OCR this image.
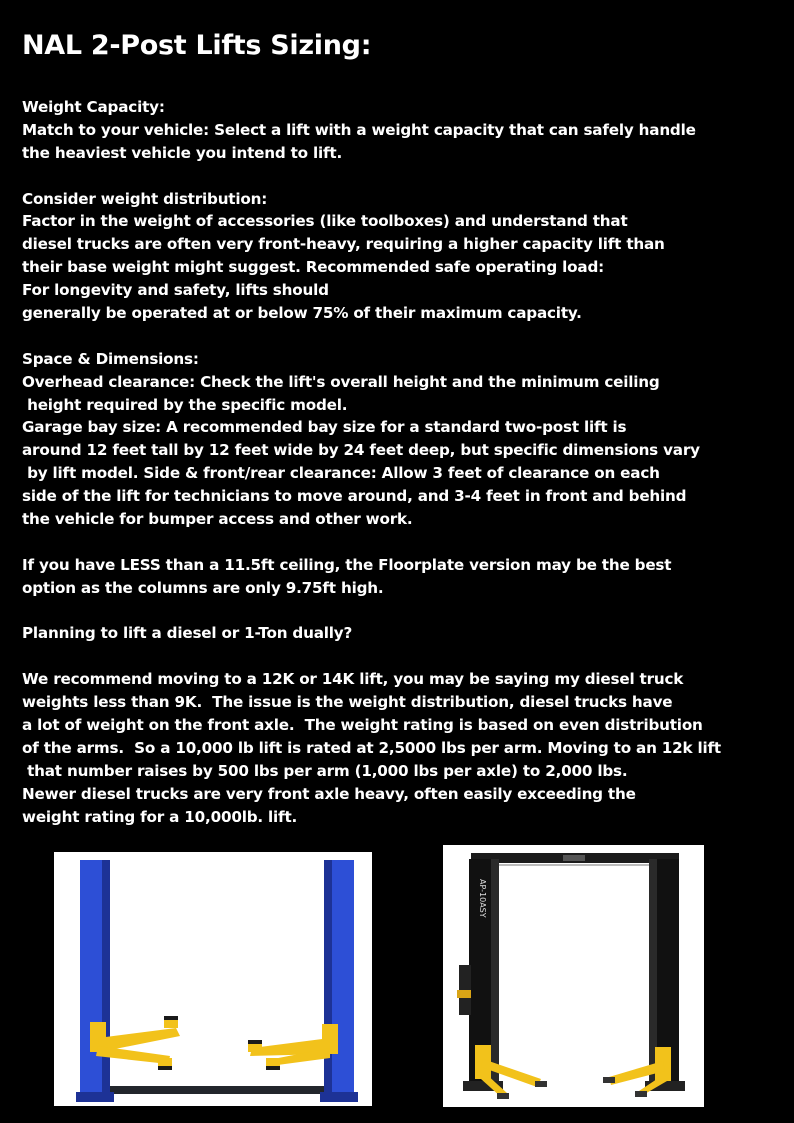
NAL 2-Post Lifts Sizing:
Weight Capacity:
Match to your vehicle: Select a lift with a weight capacity that can safely handle
the heaviest vehicle you intend to lift.
Consider weight distribution:
Factor in the weight of accessories (like toolboxes) and understand that
diesel trucks are often very front-heavy, requiring a higher capacity lift than
their base weight might suggest. Recommended safe operating load:
For longevity and safety, lifts should
generally be operated at or below 75% of their maximum capacity.
Space & Dimensions:
Overhead clearance: Check the lift's overall height and the minimum ceiling
height required by the specific model.
Garage bay size: A recommended bay size for a standard two-post lift is
around 12 feet tall by 12 feet wide by 24 feet deep, but specific dimensions vary
by lift model. Side & front/rear clearance: Allow 3 feet of clearance on each
side of the lift for technicians to move around, and 3-4 feet in front and behind
the vehicle for bumper access and other work.
If you have LESS than a 11.5ft ceiling, the Floorplate version may be the best
option as the columns are only 9.75ft high.
Planning to lift a diesel or 1-Ton dually?
We recommend moving to a 12K or 14K lift, you may be saying my diesel truck
weights less than 9K.  The issue is the weight distribution, diesel trucks have
a lot of weight on the front axle.  The weight rating is based on even distribution
of the arms.  So a 10,000 lb lift is rated at 2,5000 lbs per arm. Moving to an 12k lift
that number raises by 500 lbs per arm (1,000 lbs per axle) to 2,000 lbs.
Newer diesel trucks are very front axle heavy, often easily exceeding the
weight rating for a 10,000lb. lift.
AP-10ASY
